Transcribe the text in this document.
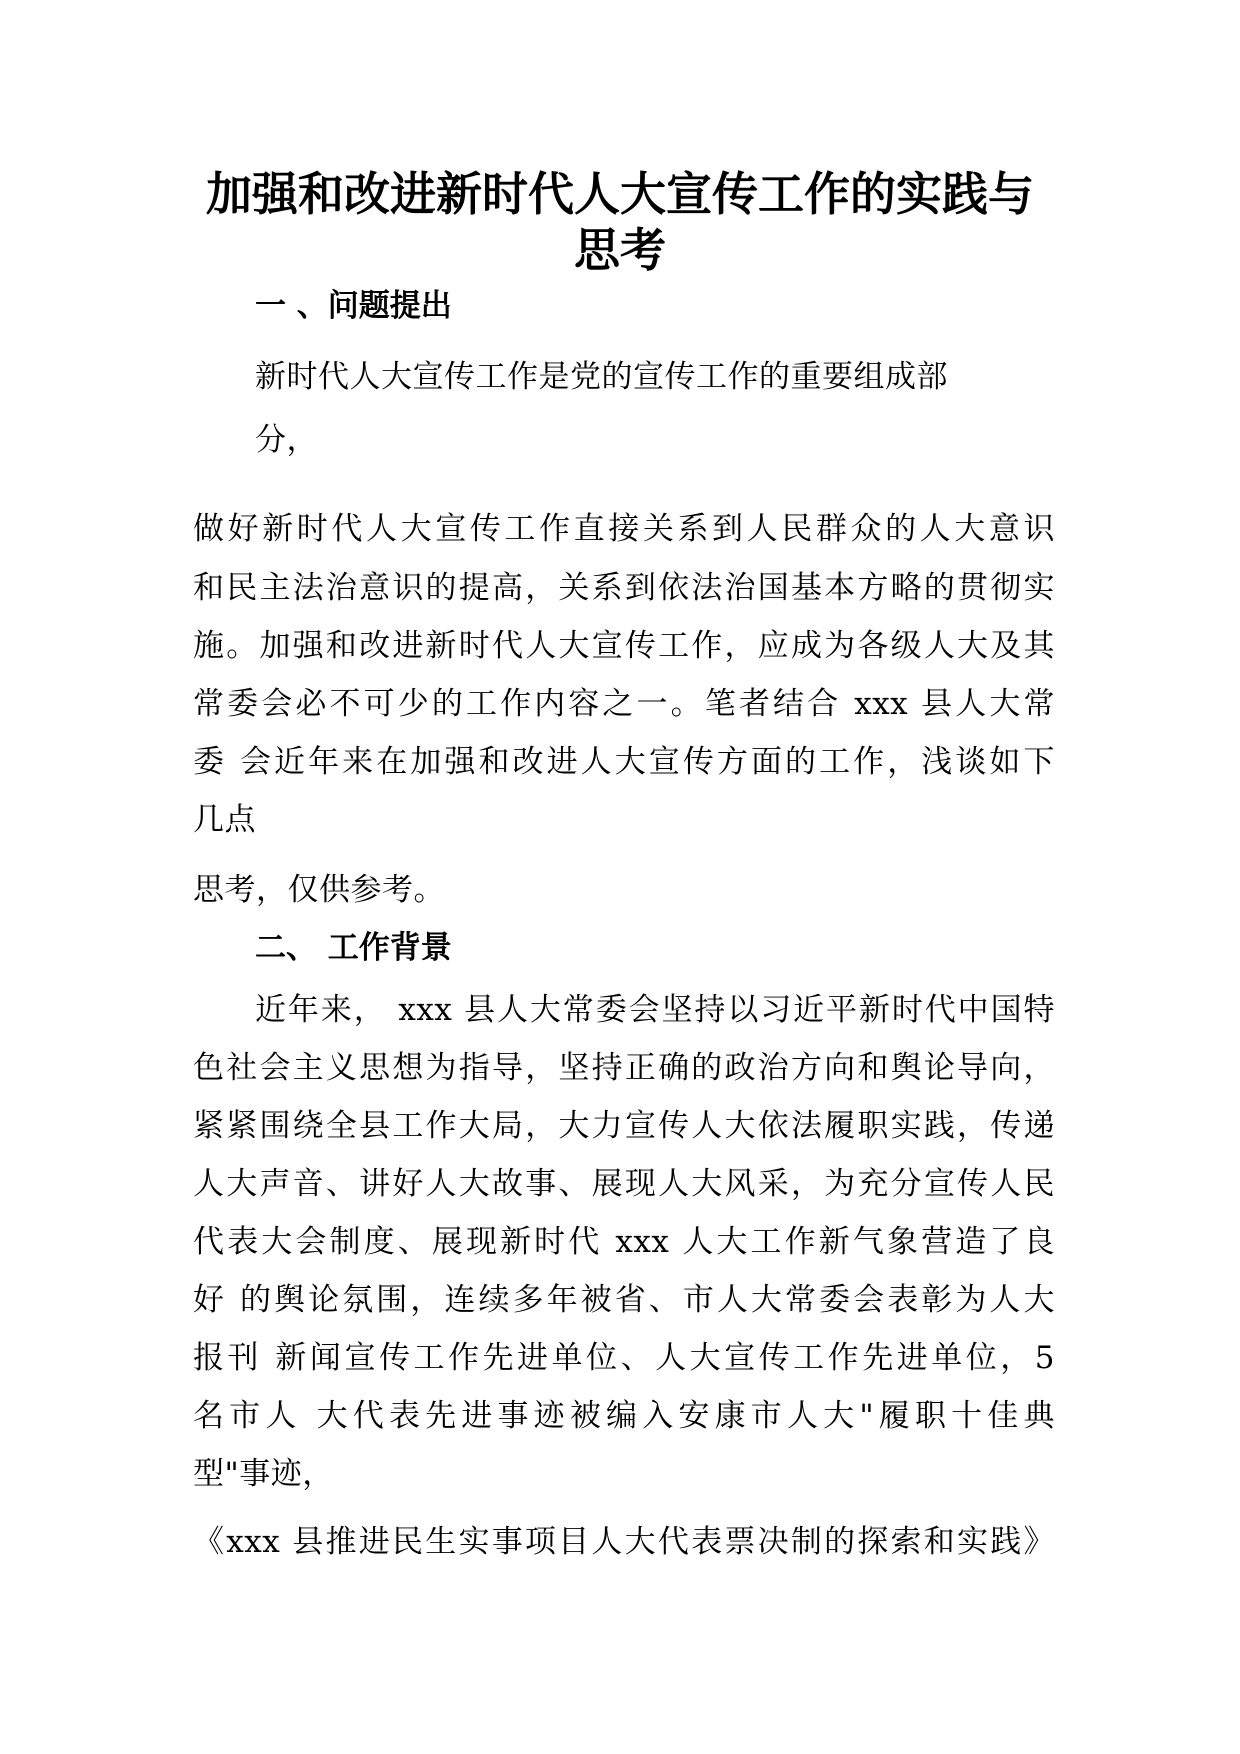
加强和改进新时代人大宣传工作的实践与
思考
一 、问题提出
新时代人大宣传工作是党的宣传工作的重要组成部
分，
做好新时代人大宣传工作直接关系到人民群众的人大意识
和民主法治意识的提高，关系到依法治国基本方略的贯彻实
施。加强和改进新时代人大宣传工作，应成为各级人大及其
常委会必不可少的工作内容之一。笔者结合 xxx 县人大常
委 会近年来在加强和改进人大宣传方面的工作，浅谈如下
几点
思考，仅供参考。
二、 工作背景
近年来， xxx 县人大常委会坚持以习近平新时代中国特
色社会主义思想为指导，坚持正确的政治方向和舆论导向，
紧紧围绕全县工作大局，大力宣传人大依法履职实践，传递
人大声音、讲好人大故事、展现人大风采，为充分宣传人民
代表大会制度、展现新时代 xxx 人大工作新气象营造了良
好 的舆论氛围，连续多年被省、市人大常委会表彰为人大
报刊 新闻宣传工作先进单位、人大宣传工作先进单位，5
名市人 大代表先进事迹被编入安康市人大"履职十佳典
型"事迹，
《xxx 县推进民生实事项目人大代表票决制的探索和实践》
